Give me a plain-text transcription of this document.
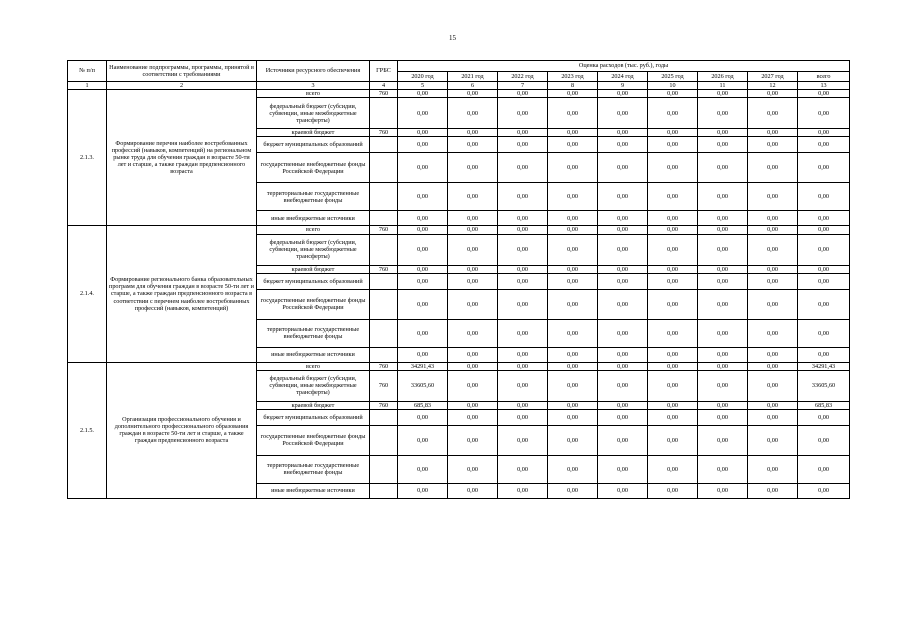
15
№ п/п	Наименование подпрограммы, программы, принятой в соответствии с требованиями	Источники ресурсного обеспечения	ГРБС	Оценка расходов (тыс. руб.), годы								
				2020 год	2021 год	2022 год	2023 год	2024 год	2025 год	2026 год	2027 год	всего
1	2	3	4	5	6	7	8	9	10	11	12	13
2.1.3.	Формирование перечня наиболее востребованных профессий (навыков, компетенций) на региональном рынке труда для обучения граждан в возрасте 50-ти лет и старше, а также граждан предпенсионного возраста	всего	760	0,00	0,00	0,00	0,00	0,00	0,00	0,00	0,00	0,00
		федеральный бюджет (субсидии, субвенции, иные межбюджетные трансферты)		0,00	0,00	0,00	0,00	0,00	0,00	0,00	0,00	0,00
		краевой бюджет	760	0,00	0,00	0,00	0,00	0,00	0,00	0,00	0,00	0,00
		бюджет муниципальных образований		0,00	0,00	0,00	0,00	0,00	0,00	0,00	0,00	0,00
		государственные внебюджетные фонды Российской Федерации		0,00	0,00	0,00	0,00	0,00	0,00	0,00	0,00	0,00
		территориальные государственные внебюджетные фонды		0,00	0,00	0,00	0,00	0,00	0,00	0,00	0,00	0,00
		иные внебюджетные источники		0,00	0,00	0,00	0,00	0,00	0,00	0,00	0,00	0,00
2.1.4.	Формирование регионального банка образовательных программ для обучения граждан в возрасте 50-ти лет и старше, а также граждан предпенсионного возраста в соответствии с перечнем наиболее востребованных профессий (навыков, компетенций)	всего	760	0,00	0,00	0,00	0,00	0,00	0,00	0,00	0,00	0,00
		федеральный бюджет (субсидии, субвенции, иные межбюджетные трансферты)		0,00	0,00	0,00	0,00	0,00	0,00	0,00	0,00	0,00
		краевой бюджет	760	0,00	0,00	0,00	0,00	0,00	0,00	0,00	0,00	0,00
		бюджет муниципальных образований		0,00	0,00	0,00	0,00	0,00	0,00	0,00	0,00	0,00
		государственные внебюджетные фонды Российской Федерации		0,00	0,00	0,00	0,00	0,00	0,00	0,00	0,00	0,00
		территориальные государственные внебюджетные фонды		0,00	0,00	0,00	0,00	0,00	0,00	0,00	0,00	0,00
		иные внебюджетные источники		0,00	0,00	0,00	0,00	0,00	0,00	0,00	0,00	0,00
2.1.5.	Организация профессионального обучения и дополнительного профессионального образования граждан в возрасте 50-ти лет и старше, а также граждан предпенсионного возраста	всего	760	34291,43	0,00	0,00	0,00	0,00	0,00	0,00	0,00	34291,43
		федеральный бюджет (субсидии, субвенции, иные межбюджетные трансферты)	760	33605,60	0,00	0,00	0,00	0,00	0,00	0,00	0,00	33605,60
		краевой бюджет	760	685,83	0,00	0,00	0,00	0,00	0,00	0,00	0,00	685,83
		бюджет муниципальных образований		0,00	0,00	0,00	0,00	0,00	0,00	0,00	0,00	0,00
		государственные внебюджетные фонды Российской Федерации		0,00	0,00	0,00	0,00	0,00	0,00	0,00	0,00	0,00
		территориальные государственные внебюджетные фонды		0,00	0,00	0,00	0,00	0,00	0,00	0,00	0,00	0,00
		иные внебюджетные источники		0,00	0,00	0,00	0,00	0,00	0,00	0,00	0,00	0,00
